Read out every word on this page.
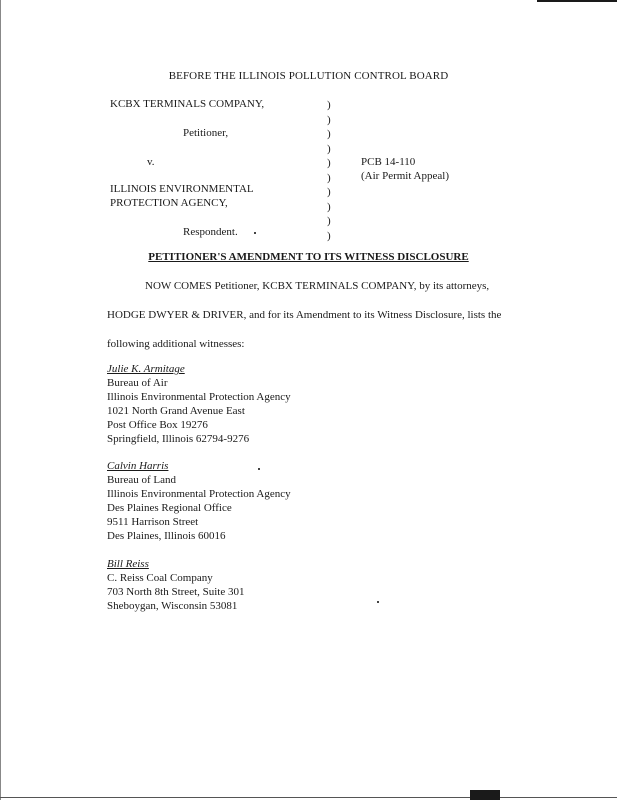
BEFORE THE ILLINOIS POLLUTION CONTROL BOARD
KCBX TERMINALS COMPANY,
Petitioner,
v.
ILLINOIS ENVIRONMENTAL
PROTECTION AGENCY,
Respondent.
)
)
)
)
)
)
)
)
)
)
PCB 14-110
(Air Permit Appeal)
PETITIONER'S AMENDMENT TO ITS WITNESS DISCLOSURE
NOW COMES Petitioner, KCBX TERMINALS COMPANY, by its attorneys,
HODGE DWYER & DRIVER, and for its Amendment to its Witness Disclosure, lists the
following additional witnesses:
Julie K. Armitage
Bureau of Air
Illinois Environmental Protection Agency
1021 North Grand Avenue East
Post Office Box 19276
Springfield, Illinois 62794-9276
Calvin Harris
Bureau of Land
Illinois Environmental Protection Agency
Des Plaines Regional Office
9511 Harrison Street
Des Plaines, Illinois 60016
Bill Reiss
C. Reiss Coal Company
703 North 8th Street, Suite 301
Sheboygan, Wisconsin 53081
